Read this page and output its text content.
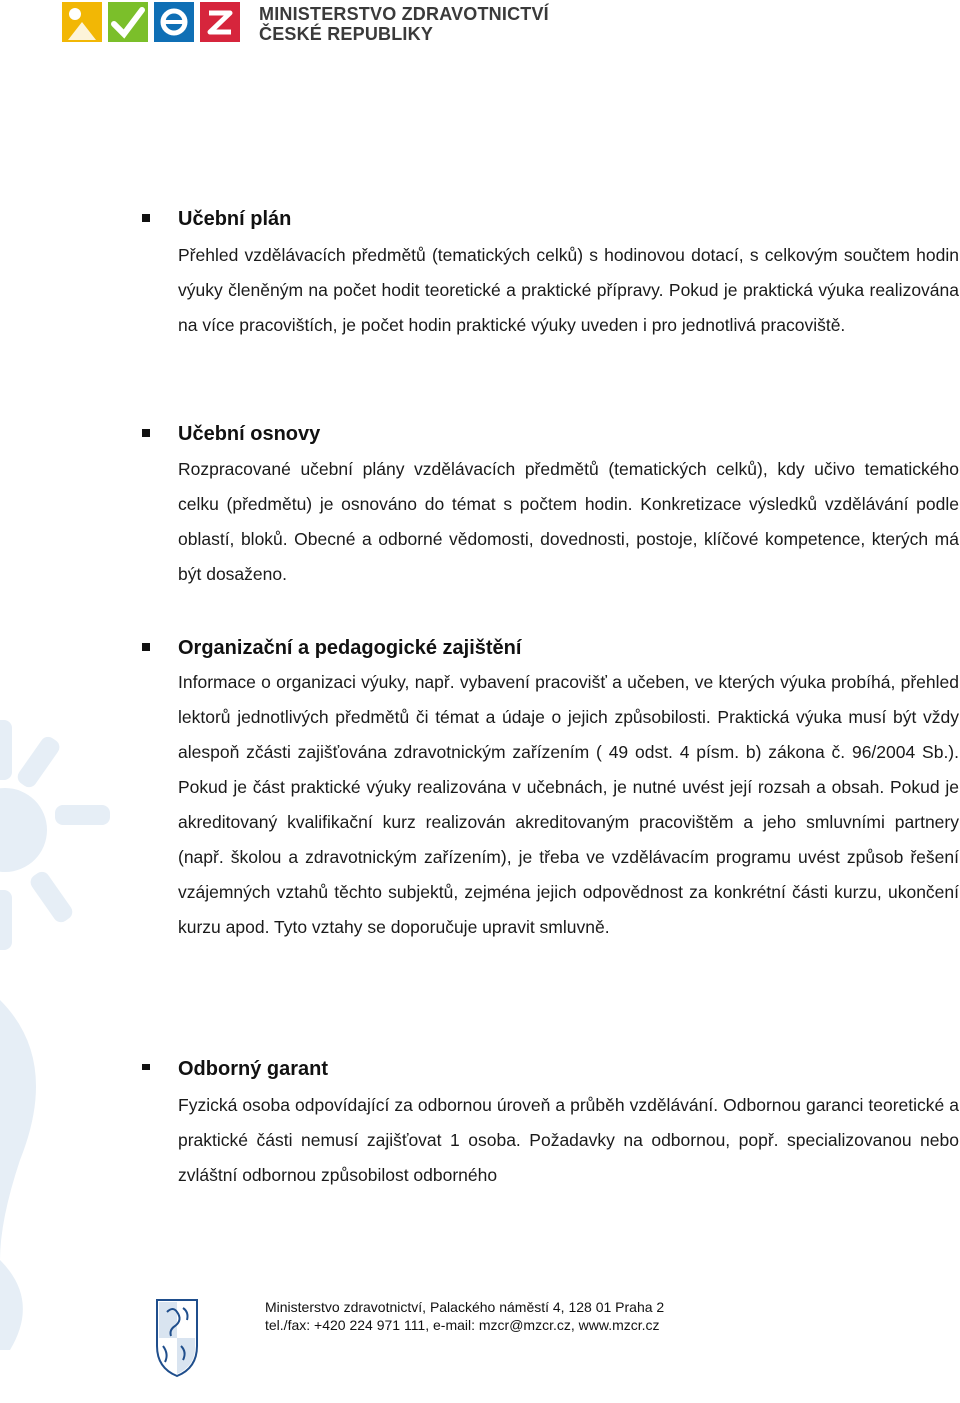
MINISTERSTVO ZDRAVOTNICTVÍ
ČESKÉ REPUBLIKY
Učební plán
Přehled vzdělávacích předmětů (tematických celků) s hodinovou dotací, s celkovým součtem hodin výuky členěným na počet hodit teoretické a praktické přípravy. Pokud je praktická výuka realizována na více pracovištích, je počet hodin praktické výuky uveden i pro jednotlivá pracoviště.
Učební osnovy
Rozpracované učební plány vzdělávacích předmětů (tematických celků), kdy učivo tematického celku (předmětu) je osnováno do témat s počtem hodin. Konkretizace výsledků vzdělávání podle oblastí, bloků. Obecné a odborné vědomosti, dovednosti, postoje, klíčové kompetence, kterých má být dosaženo.
Organizační a pedagogické zajištění
Informace o organizaci výuky, např. vybavení pracovišť a učeben, ve kterých výuka probíhá, přehled lektorů jednotlivých předmětů či témat a údaje o jejich způsobilosti. Praktická výuka musí být vždy alespoň zčásti zajišťována zdravotnickým zařízením ( 49 odst. 4 písm. b) zákona č. 96/2004 Sb.). Pokud je část praktické výuky realizována v učebnách, je nutné uvést její rozsah a obsah. Pokud je akreditovaný kvalifikační kurz realizován akreditovaným pracovištěm a jeho smluvními partnery (např. školou a zdravotnickým zařízením), je třeba ve vzdělávacím programu uvést způsob řešení vzájemných vztahů těchto subjektů, zejména jejich odpovědnost za konkrétní části kurzu, ukončení kurzu apod. Tyto vztahy se doporučuje upravit smluvně.
Odborný garant
Fyzická osoba odpovídající za odbornou úroveň a průběh vzdělávání. Odbornou garanci teoretické a praktické části nemusí zajišťovat 1 osoba. Požadavky na odbornou, popř. specializovanou nebo zvláštní odbornou způsobilost odborného
Ministerstvo zdravotnictví, Palackého náměstí 4, 128 01 Praha 2
tel./fax: +420 224 971 111, e-mail: mzcr@mzcr.cz, www.mzcr.cz
